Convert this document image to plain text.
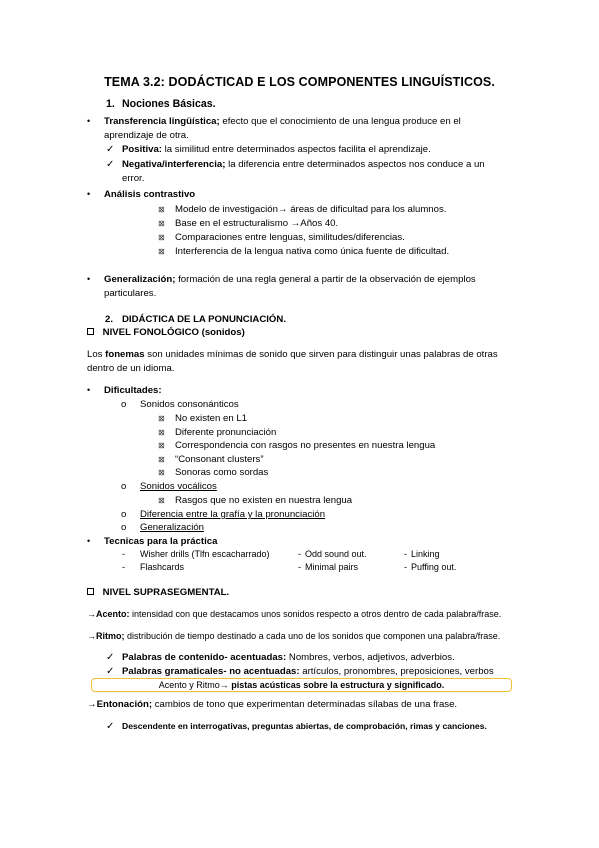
TEMA 3.2: DODÁCTICAD E LOS COMPONENTES LINGUÍSTICOS.
1. Nociones Básicas.
• Transferencia lingüística; efecto que el conocimiento de una lengua produce en el
aprendizaje de otra.
✓ Positiva: la similitud entre determinados aspectos facilita el aprendizaje.
✓ Negativa/interferencia; la diferencia entre determinados aspectos nos conduce a un
error.
• Análisis contrastivo
⊠ Modelo de investigación→ áreas de dificultad para los alumnos.
⊠ Base en el estructuralismo →Años 40.
⊠ Comparaciones entre lenguas, similitudes/diferencias.
⊠ Interferencia de la lengua nativa como única fuente de dificultad.
• Generalización; formación de una regla general a partir de la observación de ejemplos
particulares.
2. DIDÁCTICA DE LA PONUNCIACIÓN.
NIVEL FONOLÓGICO (sonidos)
Los fonemas son unidades mínimas de sonido que sirven para distinguir unas palabras de otras
dentro de un idioma.
• Dificultades:
o Sonidos consonánticos
⊠ No existen en L1
⊠ Diferente pronunciación
⊠ Correspondencia con rasgos no presentes en nuestra lengua
⊠ “Consonant clusters”
⊠ Sonoras como sordas
o Sonidos vocálicos
⊠ Rasgos que no existen en nuestra lengua
o Diferencia entre la grafía y la pronunciación
o Generalización
• Tecnicas para la práctica
- Wisher drills (Tlfn escacharrado)
- Flashcards
- Odd sound out.
- Minimal pairs
- Linking
- Puffing out.
NIVEL SUPRASEGMENTAL.
→Acento: intensidad con que destacamos unos sonidos respecto a otros dentro de cada palabra/frase.
→Ritmo; distribución de tiempo destinado a cada uno de los sonidos que componen una palabra/frase.
✓ Palabras de contenido- acentuadas: Nombres, verbos, adjetivos, adverbios.
✓ Palabras gramaticales- no acentuadas: artículos, pronombres, preposiciones, verbos
Acento y Ritmo→ pistas acústicas sobre la estructura y significado.
→Entonación; cambios de tono que experimentan determinadas sílabas de una frase.
✓ Descendente en interrogativas, preguntas abiertas, de comprobación, rimas y canciones.
